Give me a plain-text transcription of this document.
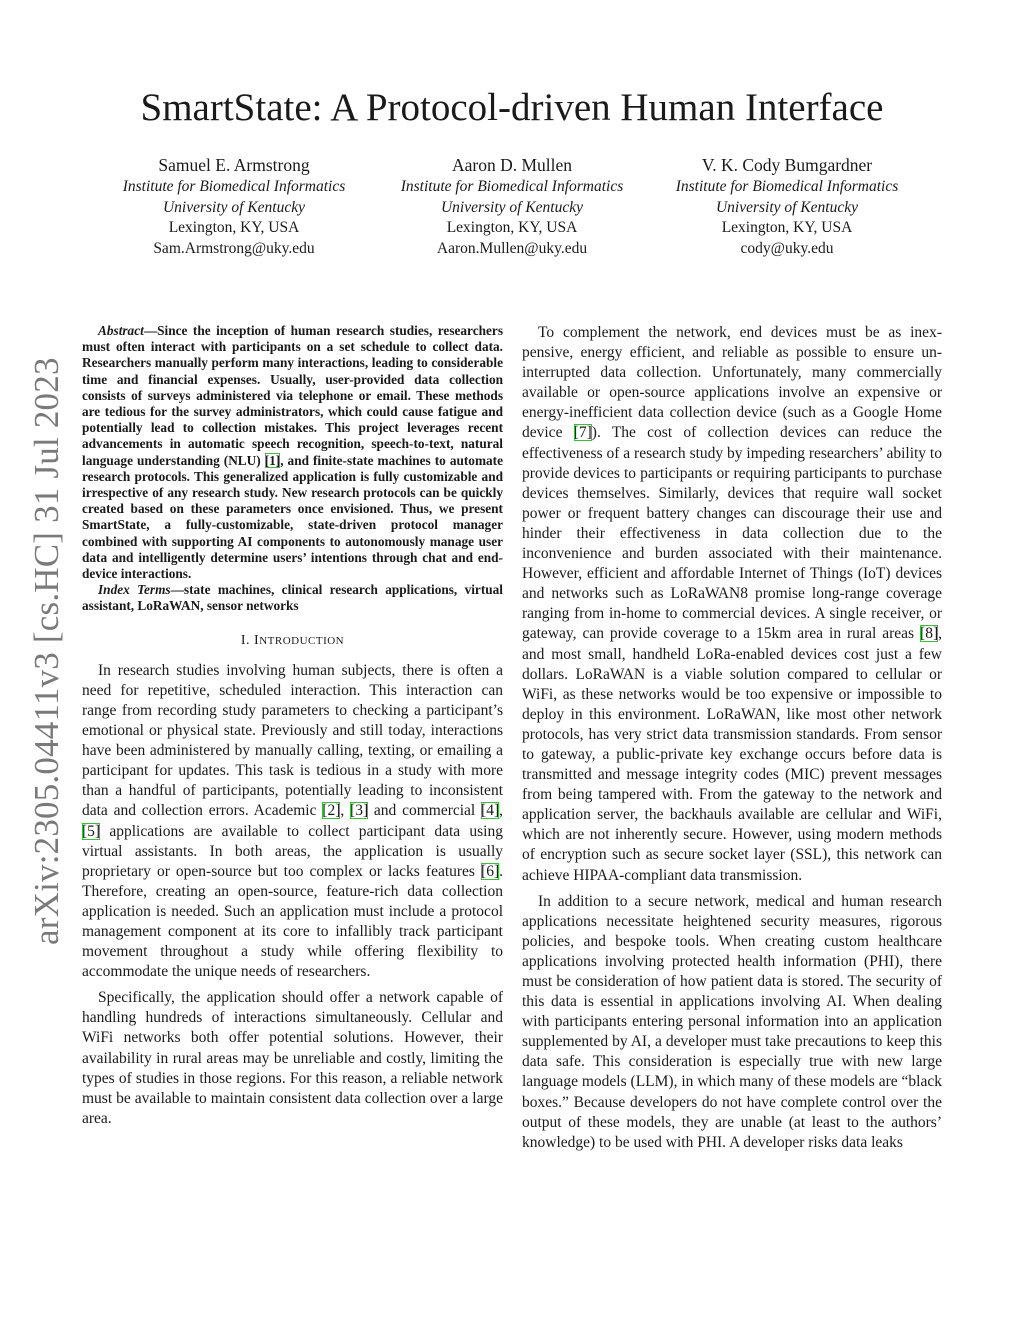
arXiv:2305.04411v3 [cs.HC] 31 Jul 2023
SmartState: A Protocol-driven Human Interface
Samuel E. Armstrong
Institute for Biomedical Informatics
University of Kentucky
Lexington, KY, USA
Sam.Armstrong@uky.edu
Aaron D. Mullen
Institute for Biomedical Informatics
University of Kentucky
Lexington, KY, USA
Aaron.Mullen@uky.edu
V. K. Cody Bumgardner
Institute for Biomedical Informatics
University of Kentucky
Lexington, KY, USA
cody@uky.edu

Abstract—Since the inception of human research studies, researchers must often interact with participants on a set schedule to collect data. Researchers manually perform many interactions, leading to considerable time and financial expenses. Usually, user-provided data collection consists of surveys administered via telephone or email. These methods are tedious for the survey administrators, which could cause fatigue and potentially lead to collection mistakes. This project leverages recent advancements in automatic speech recognition, speech-to-text, natural language understanding (NLU) [1], and finite-state machines to automate research protocols. This generalized application is fully customizable and irrespective of any research study. New research protocols can be quickly created based on these parameters once envisioned. Thus, we present SmartState, a fully-customizable, state-driven protocol manager combined with supporting AI components to autonomously manage user data and intelligently determine users’ intentions through chat and end-device interactions.

Index Terms—state machines, clinical research applications, virtual assistant, LoRaWAN, sensor networks

I. INTRODUCTION

In research studies involving human subjects, there is often a need for repetitive, scheduled interaction. This interaction can range from recording study parameters to checking a participant’s emotional or physical state. Previously and still today, interactions have been administered by manually calling, texting, or emailing a participant for updates. This task is tedious in a study with more than a handful of participants, potentially leading to inconsistent data and collection errors. Academic [2], [3] and commercial [4], [5] applications are available to collect participant data using virtual assistants. In both areas, the application is usually proprietary or open-source but too complex or lacks features [6]. Therefore, creating an open-source, feature-rich data collection application is needed. Such an application must include a protocol management component at its core to infallibly track participant movement throughout a study while offering flexibility to accommodate the unique needs of researchers.

Specifically, the application should offer a network capable of handling hundreds of interactions simultaneously. Cellular and WiFi networks both offer potential solutions. However, their availability in rural areas may be unreliable and costly, limiting the types of studies in those regions. For this reason, a reliable network must be available to maintain consistent data collection over a large area.

To complement the network, end devices must be as inexpensive, energy efficient, and reliable as possible to ensure uninterrupted data collection. Unfortunately, many commercially available or open-source applications involve an expensive or energy-inefficient data collection device (such as a Google Home device [7]). The cost of collection devices can reduce the effectiveness of a research study by impeding researchers’ ability to provide devices to participants or requiring participants to purchase devices themselves. Similarly, devices that require wall socket power or frequent battery changes can discourage their use and hinder their effectiveness in data collection due to the inconvenience and burden associated with their maintenance. However, efficient and affordable Internet of Things (IoT) devices and networks such as LoRaWAN8 promise long-range coverage ranging from in-home to commercial devices. A single receiver, or gateway, can provide coverage to a 15km area in rural areas [8], and most small, handheld LoRa-enabled devices cost just a few dollars. LoRaWAN is a viable solution compared to cellular or WiFi, as these networks would be too expensive or impossible to deploy in this environment. LoRaWAN, like most other network protocols, has very strict data transmission standards. From sensor to gateway, a public-private key exchange occurs before data is transmitted and message integrity codes (MIC) prevent messages from being tampered with. From the gateway to the network and application server, the backhauls available are cellular and WiFi, which are not inherently secure. However, using modern methods of encryption such as secure socket layer (SSL), this network can achieve HIPAA-compliant data transmission.

In addition to a secure network, medical and human research applications necessitate heightened security measures, rigorous policies, and bespoke tools. When creating custom healthcare applications involving protected health information (PHI), there must be consideration of how patient data is stored. The security of this data is essential in applications involving AI. When dealing with participants entering personal information into an application supplemented by AI, a developer must take precautions to keep this data safe. This consideration is especially true with new large language models (LLM), in which many of these models are “black boxes.” Because developers do not have complete control over the output of these models, they are unable (at least to the authors’ knowledge) to be used with PHI. A developer risks data leaks
